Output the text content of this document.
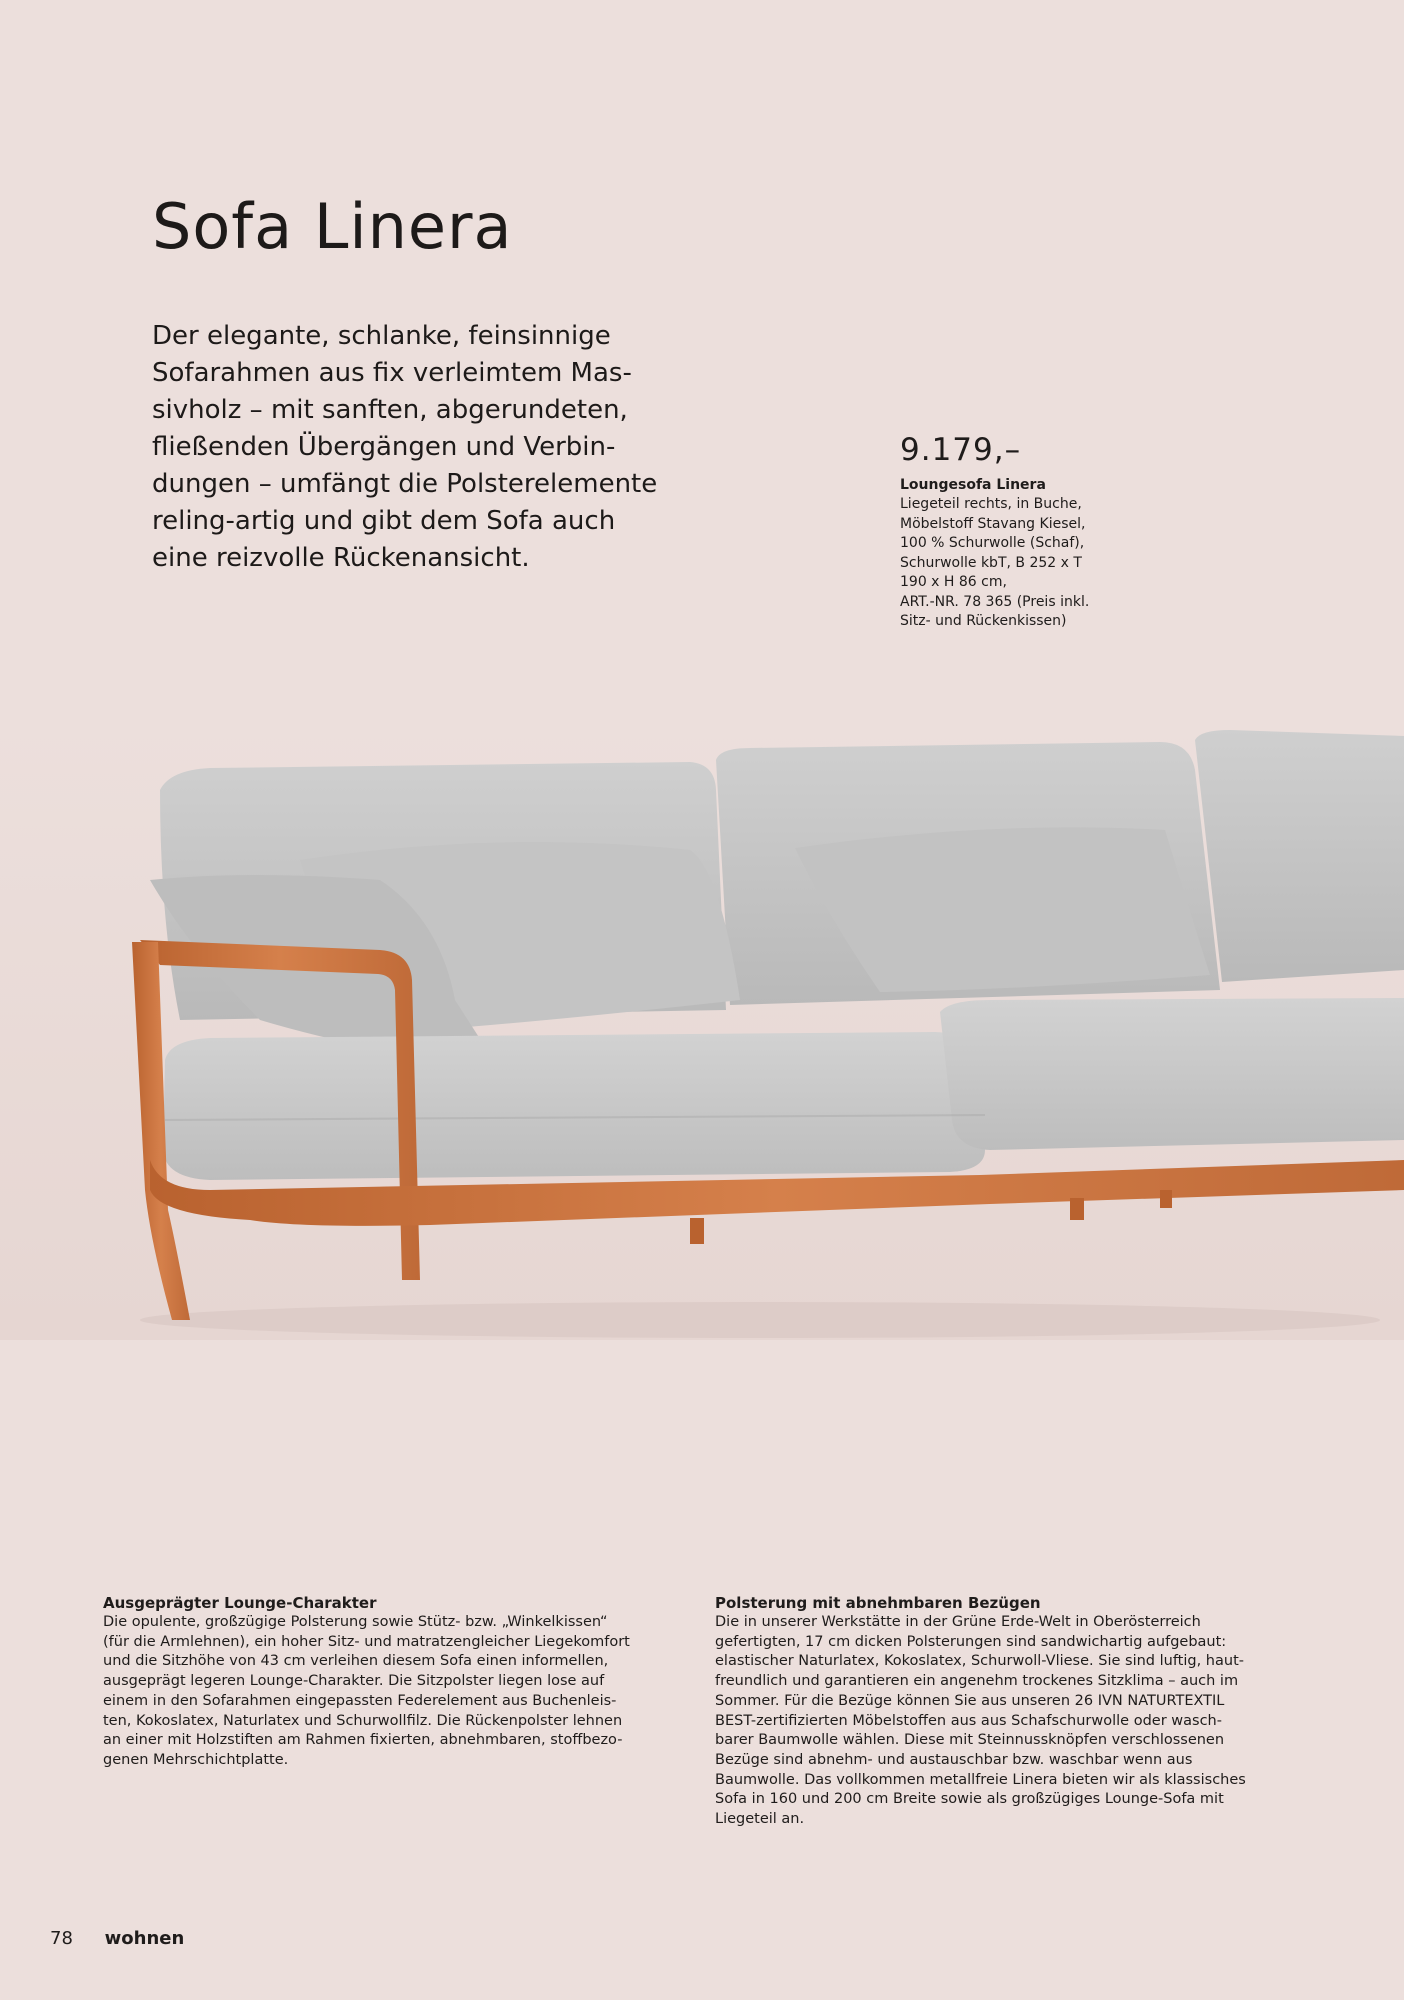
Sofa Linera

Der elegante, schlanke, feinsinnige
Sofarahmen aus fix verleimtem Mas-
sivholz – mit sanften, abgerundeten,
fließenden Übergängen und Verbin-
dungen – umfängt die Polsterelemente
reling-artig und gibt dem Sofa auch
eine reizvolle Rückenansicht.

9.179,–
Loungesofa Linera
Liegeteil rechts, in Buche,
Möbelstoff Stavang Kiesel,
100 % Schurwolle (Schaf),
Schurwolle kbT, B 252 x T
190 x H 86 cm,
ART.-NR. 78 365 (Preis inkl.
Sitz- und Rückenkissen)
Ausgeprägter Lounge-Charakter
Die opulente, großzügige Polsterung sowie Stütz- bzw. „Winkelkissen“
(für die Armlehnen), ein hoher Sitz- und matratzengleicher Liegekomfort
und die Sitzhöhe von 43 cm verleihen diesem Sofa einen informellen,
ausgeprägt legeren Lounge-Charakter. Die Sitzpolster liegen lose auf
einem in den Sofarahmen eingepassten Federelement aus Buchenleis-
ten, Kokoslatex, Naturlatex und Schurwollfilz. Die Rückenpolster lehnen
an einer mit Holzstiften am Rahmen fixierten, abnehmbaren, stoffbezo-
genen Mehrschichtplatte.
Polsterung mit abnehmbaren Bezügen
Die in unserer Werkstätte in der Grüne Erde-Welt in Oberösterreich
gefertigten, 17 cm dicken Polsterungen sind sandwichartig aufgebaut:
elastischer Naturlatex, Kokoslatex, Schurwoll-Vliese. Sie sind luftig, haut-
freundlich und garantieren ein angenehm trockenes Sitzklima – auch im
Sommer. Für die Bezüge können Sie aus unseren 26 IVN NATURTEXTIL
BEST-zertifizierten Möbelstoffen aus aus Schafschurwolle oder wasch-
barer Baumwolle wählen. Diese mit Steinnussknöpfen verschlossenen
Bezüge sind abnehm- und austauschbar bzw. waschbar wenn aus
Baumwolle. Das vollkommen metallfreie Linera bieten wir als klassisches
Sofa in 160 und 200 cm Breite sowie als großzügiges Lounge-Sofa mit
Liegeteil an.
78 wohnen
